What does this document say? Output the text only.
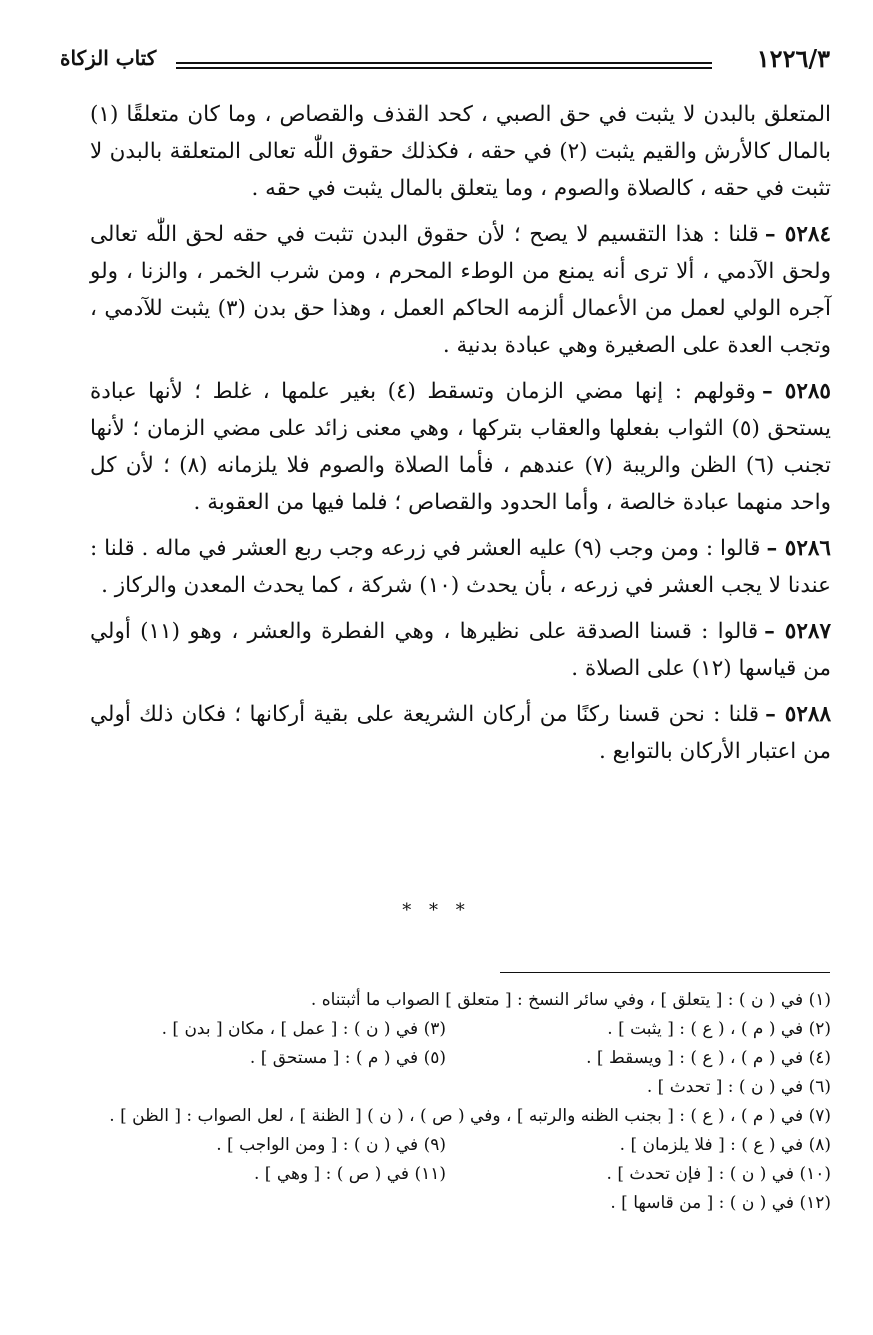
١٢٢٦/٣
كتاب الزكاة

المتعلق بالبدن لا يثبت في حق الصبي ، كحد القذف والقصاص ، وما كان متعلقًا (١) بالمال كالأرش والقيم يثبت (٢) في حقه ، فكذلك حقوق اللّٰه تعالى المتعلقة بالبدن لا تثبت في حقه ، كالصلاة والصوم ، وما يتعلق بالمال يثبت في حقه .

٥٢٨٤ –قلنا : هذا التقسيم لا يصح ؛ لأن حقوق البدن تثبت في حقه لحق اللّٰه تعالى ولحق الآدمي ، ألا ترى أنه يمنع من الوطء المحرم ، ومن شرب الخمر ، والزنا ، ولو آجره الولي لعمل من الأعمال ألزمه الحاكم العمل ، وهذا حق بدن (٣) يثبت للآدمي ، وتجب العدة على الصغيرة وهي عبادة بدنية .

٥٢٨٥ –وقولهم : إنها مضي الزمان وتسقط (٤) بغير علمها ، غلط ؛ لأنها عبادة يستحق (٥) الثواب بفعلها والعقاب بتركها ، وهي معنى زائد على مضي الزمان ؛ لأنها تجنب (٦) الظن والريبة (٧) عندهم ، فأما الصلاة والصوم فلا يلزمانه (٨) ؛ لأن كل واحد منهما عبادة خالصة ، وأما الحدود والقصاص ؛ فلما فيها من العقوبة .

٥٢٨٦ –قالوا : ومن وجب (٩) عليه العشر في زرعه وجب ربع العشر في ماله . قلنا : عندنا لا يجب العشر في زرعه ، بأن يحدث (١٠) شركة ، كما يحدث المعدن والركاز .

٥٢٨٧ –قالوا : قسنا الصدقة على نظيرها ، وهي الفطرة والعشر ، وهو (١١) أولي من قياسها (١٢) على الصلاة .

٥٢٨٨ –قلنا : نحن قسنا ركنًا من أركان الشريعة على بقية أركانها ؛ فكان ذلك أولي من اعتبار الأركان بالتوابع .

* * *
(١) في ( ن ) : [ يتعلق ] ، وفي سائر النسخ : [ متعلق ] الصواب ما أثبتناه .
(٢) في ( م ) ، ( ع ) : [ يثبت ] .
(٣) في ( ن ) : [ عمل ] ، مكان [ بدن ] .
(٤) في ( م ) ، ( ع ) : [ ويسقط ] .
(٥) في ( م ) : [ مستحق ] .
(٦) في ( ن ) : [ تحدث ] .
(٧) في ( م ) ، ( ع ) : [ بجنب الظنه والرتبه ] ، وفي ( ص ) ، ( ن ) [ الظنة ] ، لعل الصواب : [ الظن ] .
(٨) في ( ع ) : [ فلا يلزمان ] .
(٩) في ( ن ) : [ ومن الواجب ] .
(١٠) في ( ن ) : [ فإن تحدث ] .
(١١) في ( ص ) : [ وهي ] .
(١٢) في ( ن ) : [ من قاسها ] .
